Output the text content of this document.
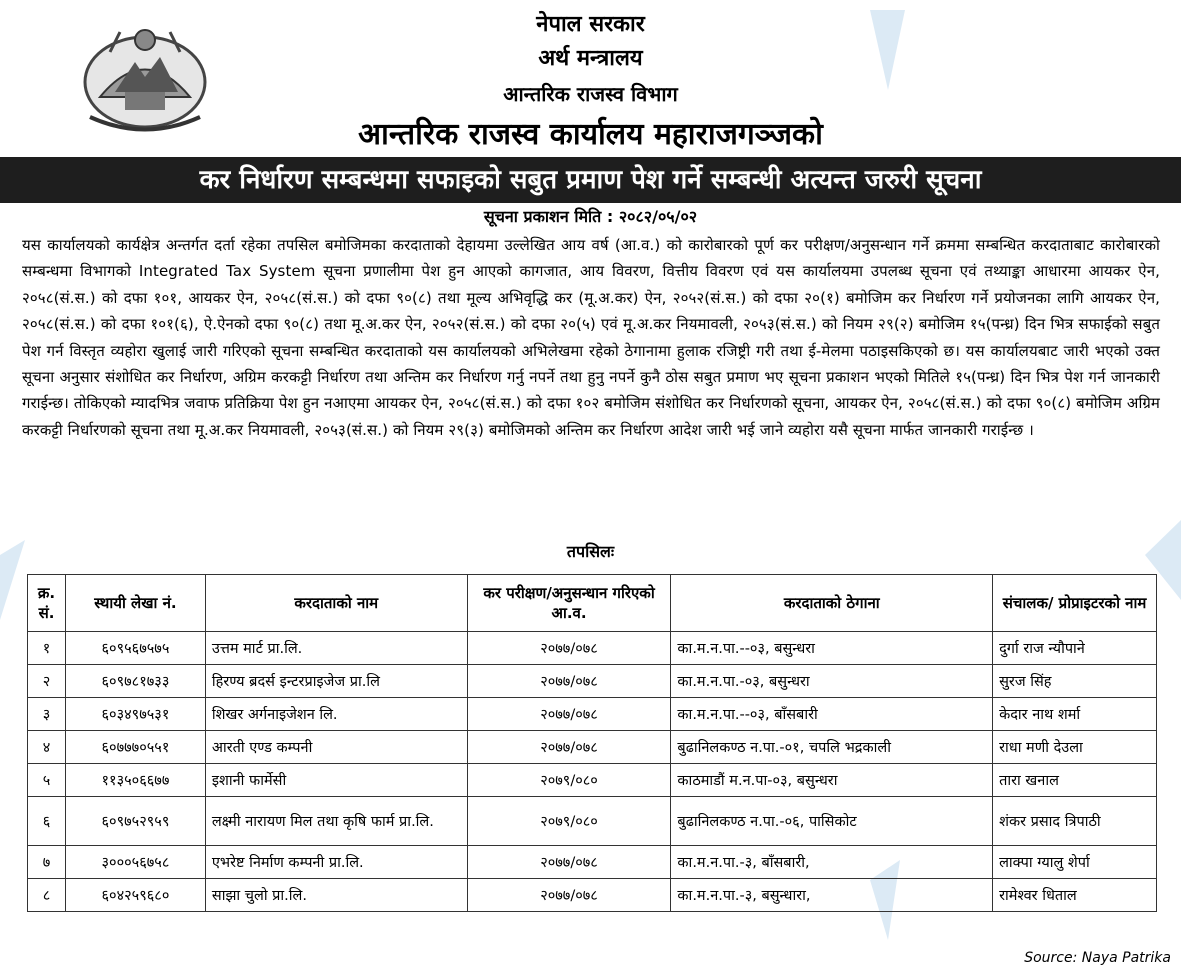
नेपाल सरकार
अर्थ मन्त्रालय
आन्तरिक राजस्व विभाग
आन्तरिक राजस्व कार्यालय महाराजगञ्जको
कर निर्धारण सम्बन्धमा सफाइको सबुत प्रमाण पेश गर्ने सम्बन्धी अत्यन्त जरुरी सूचना
सूचना प्रकाशन मिति : २०८२/०५/०२
यस कार्यालयको कार्यक्षेत्र अन्तर्गत दर्ता रहेका तपसिल बमोजिमका करदाताको देहायमा उल्लेखित आय वर्ष (आ.व.) को कारोबारको पूर्ण कर परीक्षण/अनुसन्धान गर्ने क्रममा सम्बन्धित करदाताबाट कारोबारको सम्बन्धमा विभागको Integrated Tax System सूचना प्रणालीमा पेश हुन आएको कागजात, आय विवरण, वित्तीय विवरण एवं यस कार्यालयमा उपलब्ध सूचना एवं तथ्याङ्का आधारमा आयकर ऐन, २०५८(सं.स.) को दफा १०१, आयकर ऐन, २०५८(सं.स.) को दफा ९०(८) तथा मूल्य अभिवृद्धि कर (मू.अ.कर) ऐन, २०५२(सं.स.) को दफा २०(१) बमोजिम कर निर्धारण गर्ने प्रयोजनका लागि आयकर ऐन, २०५८(सं.स.) को दफा १०१(६), ऐ.ऐनको दफा ९०(८) तथा मू.अ.कर ऐन, २०५२(सं.स.) को दफा २०(५) एवं मू.अ.कर नियमावली, २०५३(सं.स.) को नियम २९(२) बमोजिम १५(पन्ध्र) दिन भित्र सफाईको सबुत पेश गर्न विस्तृत व्यहोरा खुलाई जारी गरिएको सूचना सम्बन्धित करदाताको यस कार्यालयको अभिलेखमा रहेको ठेगानामा हुलाक रजिष्ट्री गरी तथा ई-मेलमा पठाइसकिएको छ। यस कार्यालयबाट जारी भएको उक्त सूचना अनुसार संशोधित कर निर्धारण, अग्रिम करकट्टी निर्धारण तथा अन्तिम कर निर्धारण गर्नु नपर्ने तथा हुनु नपर्ने कुनै ठोस सबुत प्रमाण भए सूचना प्रकाशन भएको मितिले १५(पन्ध्र) दिन भित्र पेश गर्न जानकारी गराईन्छ। तोकिएको म्यादभित्र जवाफ प्रतिक्रिया पेश हुन नआएमा आयकर ऐन, २०५८(सं.स.) को दफा १०२ बमोजिम संशोधित कर निर्धारणको सूचना, आयकर ऐन, २०५८(सं.स.) को दफा ९०(८) बमोजिम अग्रिम करकट्टी निर्धारणको सूचना तथा मू.अ.कर नियमावली, २०५३(सं.स.) को नियम २९(३) बमोजिमको अन्तिम कर निर्धारण आदेश जारी भई जाने व्यहोरा यसै सूचना मार्फत जानकारी गराईन्छ ।
तपसिलः
क्र. सं.	स्थायी लेखा नं.	करदाताको नाम	कर परीक्षण/अनुसन्धान गरिएको आ.व.	करदाताको ठेगाना	संचालक/ प्रोप्राइटरको नाम
१	६०९५६७५७५	उत्तम मार्ट प्रा.लि.	२०७७/०७८	का.म.न.पा.--०३, बसुन्धरा	दुर्गा राज न्यौपाने
२	६०९७८१७३३	हिरण्य ब्रदर्स इन्टरप्राइजेज प्रा.लि	२०७७/०७८	का.म.न.पा.-०३, बसुन्धरा	सुरज सिंह
३	६०३४९७५३१	शिखर अर्गनाइजेशन लि.	२०७७/०७८	का.म.न.पा.--०३, बाँसबारी	केदार नाथ शर्मा
४	६०७७७०५५१	आरती एण्ड कम्पनी	२०७७/०७८	बुढानिलकण्ठ न.पा.-०१, चपलि भद्रकाली	राधा मणी देउला
५	११३५०६६७७	इशानी फार्मेसी	२०७९/०८०	काठमाडौं म.न.पा-०३, बसुन्धरा	तारा खनाल
६	६०९७५२९५९	लक्ष्मी नारायण मिल तथा कृषि फार्म प्रा.लि.	२०७९/०८०	बुढानिलकण्ठ न.पा.-०६, पासिकोट	शंकर प्रसाद त्रिपाठी
७	३०००५६७५८	एभरेष्ट निर्माण कम्पनी प्रा.लि.	२०७७/०७८	का.म.न.पा.-३, बाँसबारी,	लाक्पा ग्यालु शेर्पा
८	६०४२५९६८०	साझा चुलो प्रा.लि.	२०७७/०७८	का.म.न.पा.-३, बसुन्धारा,	रामेश्वर धिताल
Source: Naya Patrika
